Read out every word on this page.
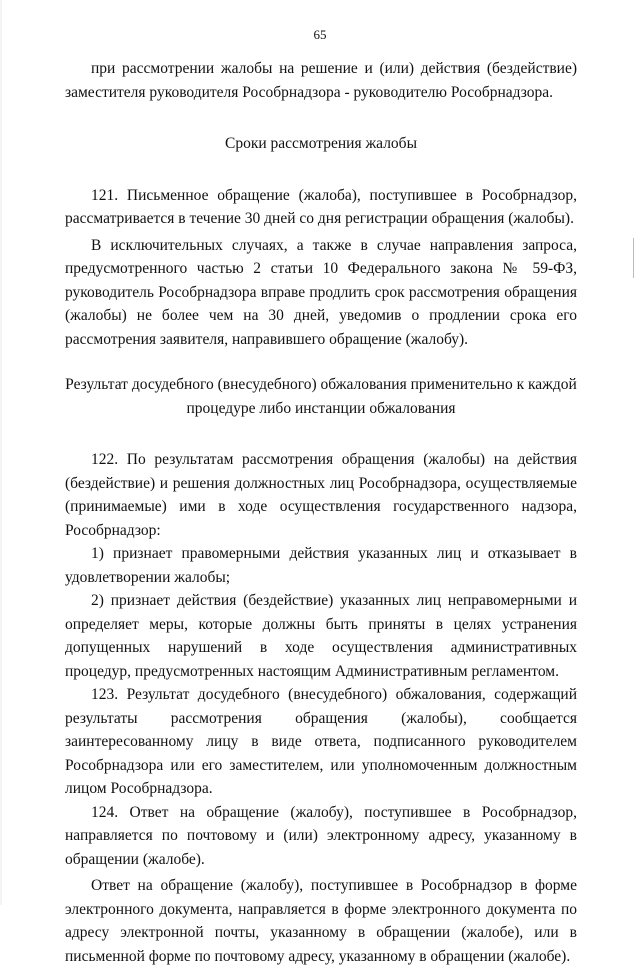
65

при рассмотрении жалобы на решение и (или) действия (бездействие) заместителя руководителя Рособрнадзора - руководителю Рособрнадзора.

Сроки рассмотрения жалобы

121. Письменное обращение (жалоба), поступившее в Рособрнадзор, рассматривается в течение 30 дней со дня регистрации обращения (жалобы).

В исключительных случаях, а также в случае направления запроса, предусмотренного частью 2 статьи 10 Федерального закона № 59-ФЗ, руководитель Рособрнадзора вправе продлить срок рассмотрения обращения (жалобы) не более чем на 30 дней, уведомив о продлении срока его рассмотрения заявителя, направившего обращение (жалобу).

Результат досудебного (внесудебного) обжалования применительно к каждой процедуре либо инстанции обжалования

122. По результатам рассмотрения обращения (жалобы) на действия (бездействие) и решения должностных лиц Рособрнадзора, осуществляемые (принимаемые) ими в ходе осуществления государственного надзора, Рособрнадзор:

1) признает правомерными действия указанных лиц и отказывает в удовлетворении жалобы;

2) признает действия (бездействие) указанных лиц неправомерными и определяет меры, которые должны быть приняты в целях устранения допущенных нарушений в ходе осуществления административных процедур, предусмотренных настоящим Административным регламентом.

123. Результат досудебного (внесудебного) обжалования, содержащий результаты рассмотрения обращения (жалобы), сообщается заинтересованному лицу в виде ответа, подписанного руководителем Рособрнадзора или его заместителем, или уполномоченным должностным лицом Рособрнадзора.

124. Ответ на обращение (жалобу), поступившее в Рособрнадзор, направляется по почтовому и (или) электронному адресу, указанному в обращении (жалобе).

Ответ на обращение (жалобу), поступившее в Рособрнадзор в форме электронного документа, направляется в форме электронного документа по адресу электронной почты, указанному в обращении (жалобе), или в письменной форме по почтовому адресу, указанному в обращении (жалобе).
